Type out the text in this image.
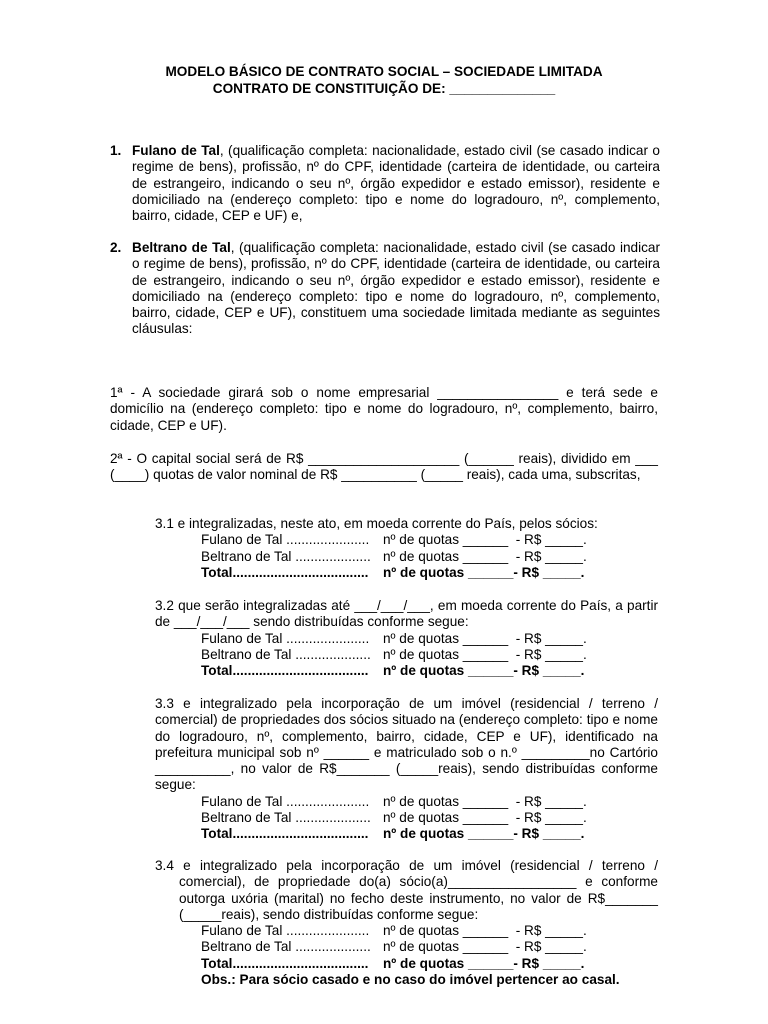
MODELO BÁSICO DE CONTRATO SOCIAL – SOCIEDADE LIMITADA
CONTRATO DE CONSTITUIÇÃO DE: ______________
1. Fulano de Tal, (qualificação completa: nacionalidade, estado civil (se casado indicar o regime de bens), profissão, nº do CPF, identidade (carteira de identidade, ou carteira de estrangeiro, indicando o seu nº, órgão expedidor e estado emissor), residente e domiciliado na (endereço completo: tipo e nome do logradouro, nº, complemento, bairro, cidade, CEP e UF) e,
2. Beltrano de Tal, (qualificação completa: nacionalidade, estado civil (se casado indicar o regime de bens), profissão, nº do CPF, identidade (carteira de identidade, ou carteira de estrangeiro, indicando o seu nº, órgão expedidor e estado emissor), residente e domiciliado na (endereço completo: tipo e nome do logradouro, nº, complemento, bairro, cidade, CEP e UF), constituem uma sociedade limitada mediante as seguintes cláusulas:
1ª - A sociedade girará sob o nome empresarial ________________ e terá sede e domicílio na (endereço completo: tipo e nome do logradouro, nº, complemento, bairro, cidade, CEP e UF).
2ª - O capital social será de R$ ____________________ (______ reais), dividido em ___ (____) quotas de valor nominal de R$ __________ (_____ reais), cada uma, subscritas,
3.1 e integralizadas, neste ato, em moeda corrente do País, pelos sócios:
Fulano de Tal ...................... nº de quotas ______  - R$ _____.
Beltrano de Tal .................... nº de quotas ______  - R$ _____.
Total.................................... nº de quotas ______- R$ _____.
3.2 que serão integralizadas até ___/___/___, em moeda corrente do País, a partir de ___/___/___ sendo distribuídas conforme segue:
Fulano de Tal ...................... nº de quotas ______  - R$ _____.
Beltrano de Tal .................... nº de quotas ______  - R$ _____.
Total.................................... nº de quotas ______- R$ _____.
3.3 e integralizado pela incorporação de um imóvel (residencial / terreno / comercial) de propriedades dos sócios situado na (endereço completo: tipo e nome do logradouro, nº, complemento, bairro, cidade, CEP e UF), identificado na prefeitura municipal sob nº ______ e matriculado sob o n.º _________no Cartório __________, no valor de R$_______ (_____reais), sendo distribuídas conforme segue:
Fulano de Tal ...................... nº de quotas ______  - R$ _____.
Beltrano de Tal .................... nº de quotas ______  - R$ _____.
Total.................................... nº de quotas ______- R$ _____.
3.4 e integralizado pela incorporação de um imóvel (residencial / terreno / comercial), de propriedade do(a) sócio(a)_________________ e conforme outorga uxória (marital) no fecho deste instrumento, no valor de R$_______ (_____reais), sendo distribuídas conforme segue:
Fulano de Tal ...................... nº de quotas ______  - R$ _____.
Beltrano de Tal .................... nº de quotas ______  - R$ _____.
Total.................................... nº de quotas ______- R$ _____.
Obs.: Para sócio casado e no caso do imóvel pertencer ao casal.
